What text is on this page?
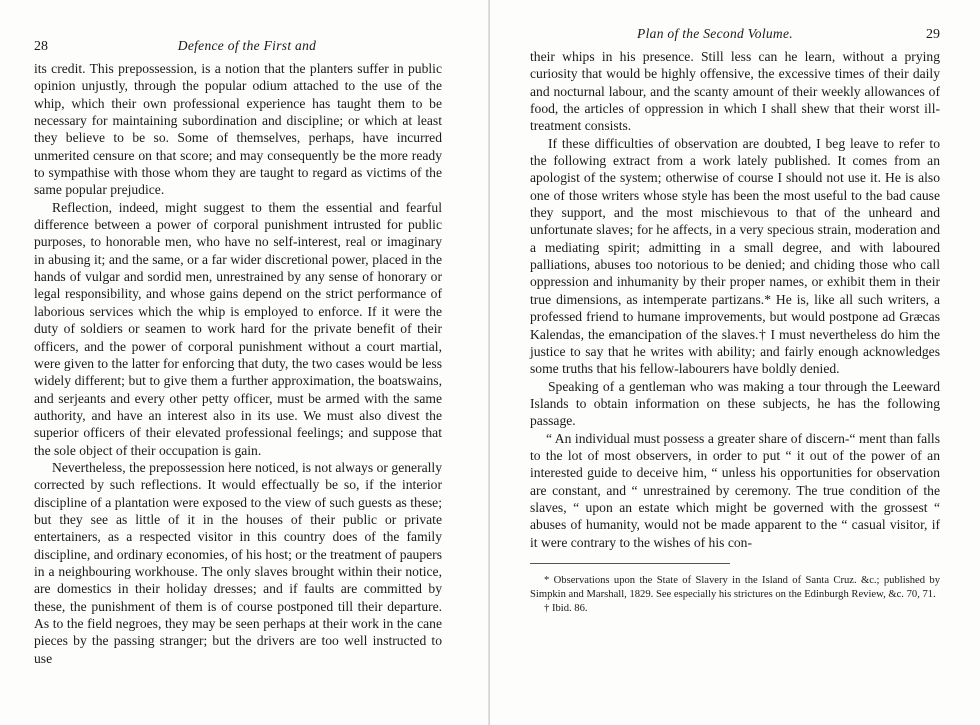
28	Defence of the First and

its credit. This prepossession, is a notion that the planters suffer in public opinion unjustly, through the popular odium attached to the use of the whip, which their own professional experience has taught them to be necessary for maintaining subordination and discipline; or which at least they believe to be so. Some of themselves, perhaps, have incurred unmerited censure on that score; and may consequently be the more ready to sympathise with those whom they are taught to regard as victims of the same popular prejudice.

Reflection, indeed, might suggest to them the essential and fearful difference between a power of corporal punishment intrusted for public purposes, to honorable men, who have no self-interest, real or imaginary in abusing it; and the same, or a far wider discretional power, placed in the hands of vulgar and sordid men, unrestrained by any sense of honorary or legal responsibility, and whose gains depend on the strict performance of laborious services which the whip is employed to enforce. If it were the duty of soldiers or seamen to work hard for the private benefit of their officers, and the power of corporal punishment without a court martial, were given to the latter for enforcing that duty, the two cases would be less widely different; but to give them a further approximation, the boatswains, and serjeants and every other petty officer, must be armed with the same authority, and have an interest also in its use. We must also divest the superior officers of their elevated professional feelings; and suppose that the sole object of their occupation is gain.

Nevertheless, the prepossession here noticed, is not always or generally corrected by such reflections. It would effectually be so, if the interior discipline of a plantation were exposed to the view of such guests as these; but they see as little of it in the houses of their public or private entertainers, as a respected visitor in this country does of the family discipline, and ordinary economies, of his host; or the treatment of paupers in a neighbouring workhouse. The only slaves brought within their notice, are domestics in their holiday dresses; and if faults are committed by these, the punishment of them is of course postponed till their departure. As to the field negroes, they may be seen perhaps at their work in the cane pieces by the passing stranger; but the drivers are too well instructed to use

Plan of the Second Volume.	29

their whips in his presence. Still less can he learn, without a prying curiosity that would be highly offensive, the excessive times of their daily and nocturnal labour, and the scanty amount of their weekly allowances of food, the articles of oppression in which I shall shew that their worst ill-treatment consists.

If these difficulties of observation are doubted, I beg leave to refer to the following extract from a work lately published. It comes from an apologist of the system; otherwise of course I should not use it. He is also one of those writers whose style has been the most useful to the bad cause they support, and the most mischievous to that of the unheard and unfortunate slaves; for he affects, in a very specious strain, moderation and a mediating spirit; admitting in a small degree, and with laboured palliations, abuses too notorious to be denied; and chiding those who call oppression and inhumanity by their proper names, or exhibit them in their true dimensions, as intemperate partizans.* He is, like all such writers, a professed friend to humane improvements, but would postpone ad Græcas Kalendas, the emancipation of the slaves.† I must nevertheless do him the justice to say that he writes with ability; and fairly enough acknowledges some truths that his fellow-labourers have boldly denied.

Speaking of a gentleman who was making a tour through the Leeward Islands to obtain information on these subjects, he has the following passage.

“ An individual must possess a greater share of discern-“ ment than falls to the lot of most observers, in order to put “ it out of the power of an interested guide to deceive him, “ unless his opportunities for observation are constant, and “ unrestrained by ceremony. The true condition of the slaves, “ upon an estate which might be governed with the grossest “ abuses of humanity, would not be made apparent to the “ casual visitor, if it were contrary to the wishes of his con-

* Observations upon the State of Slavery in the Island of Santa Cruz. &c.; published by Simpkin and Marshall, 1829. See especially his strictures on the Edinburgh Review, &c. 70, 71.

† Ibid. 86.
